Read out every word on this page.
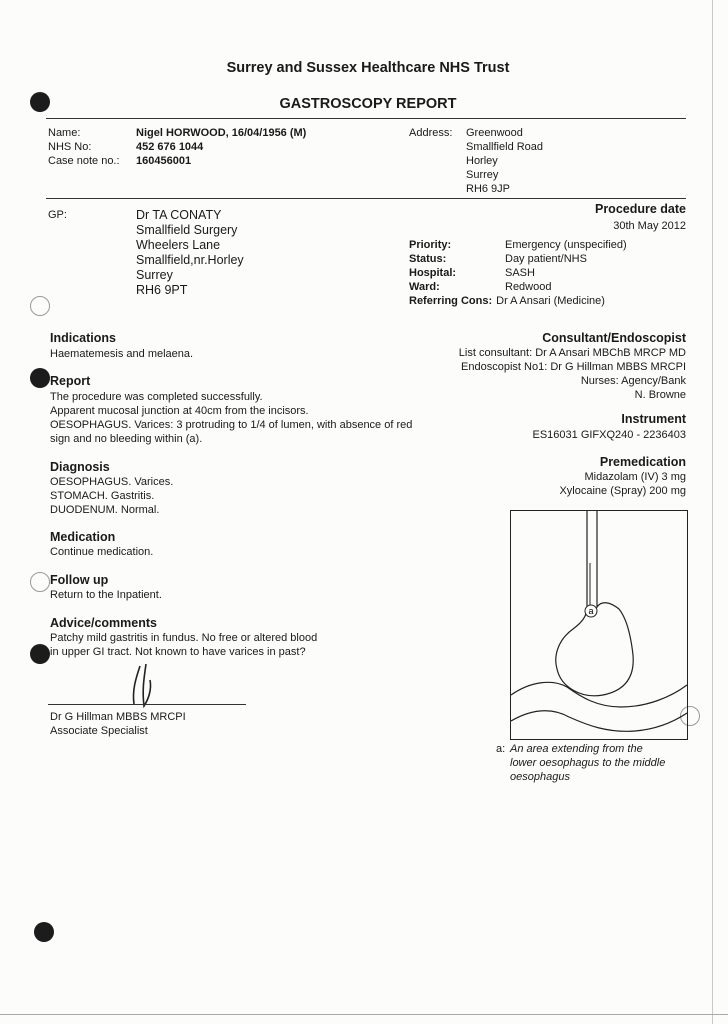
Surrey and Sussex Healthcare NHS Trust
GASTROSCOPY REPORT
Name:	Nigel HORWOOD, 16/04/1956 (M)
NHS No:	452 676 1044
Case note no.:	160456001
Address: Greenwood
Smallfield Road
Horley
Surrey
RH6 9JP
GP:	Dr TA CONATY
Smallfield Surgery
Wheelers Lane
Smallfield,nr.Horley
Surrey
RH6 9PT
Procedure date
30th May 2012
Priority:	Emergency (unspecified)
Status:	Day patient/NHS
Hospital:	SASH
Ward:	Redwood
Referring Cons: Dr A Ansari (Medicine)
Indications
Haematemesis and melaena.
Report
The procedure was completed successfully.
Apparent mucosal junction at 40cm from the incisors.
OESOPHAGUS. Varices: 3 protruding to 1/4 of lumen, with absence of red
sign and no bleeding within (a).
Diagnosis
OESOPHAGUS. Varices.
STOMACH. Gastritis.
DUODENUM. Normal.
Medication
Continue medication.
Follow up
Return to the Inpatient.
Advice/comments
Patchy mild gastritis in fundus. No free or altered blood
in upper GI tract. Not known to have varices in past?
Dr G Hillman MBBS MRCPI
Associate Specialist
Consultant/Endoscopist
List consultant: Dr A Ansari MBChB MRCP MD
Endoscopist No1: Dr G Hillman MBBS MRCPI
Nurses: Agency/Bank
N. Browne
Instrument
ES16031 GIFXQ240 - 2236403
Premedication
Midazolam (IV) 3 mg
Xylocaine (Spray) 200 mg
a
a: An area extending from the
lower oesophagus to the middle
oesophagus
